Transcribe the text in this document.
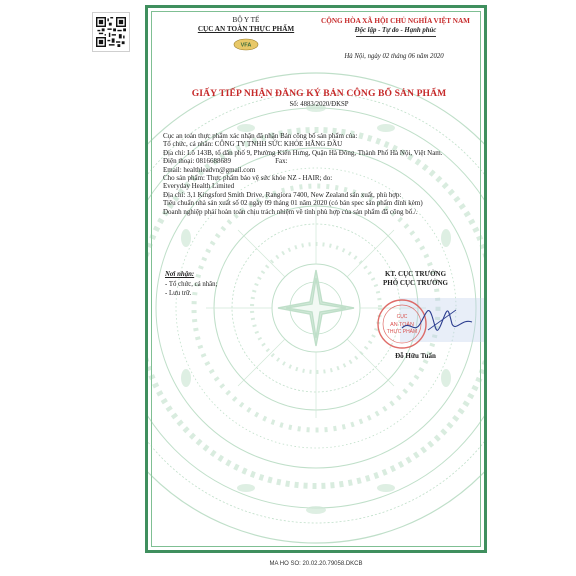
BỘ Y TẾ
CỤC AN TOÀN THỰC PHẨM
VFA
CỘNG HÒA XÃ HỘI CHỦ NGHĨA VIỆT NAM
Độc lập - Tự do - Hạnh phúc
Hà Nội, ngày 02 tháng 06 năm 2020
GIẤY TIẾP NHẬN ĐĂNG KÝ BẢN CÔNG BỐ SẢN PHẨM
Số: 4883/2020/ĐKSP

Cục an toàn thực phẩm xác nhận đã nhận Bản công bố sản phẩm của:

Tổ chức, cá nhân: CÔNG TY TNHH SỨC KHỎE HẰNG ĐẦU

Địa chỉ: Lô 143B, tổ dân phố 9, Phường Kiến Hưng, Quận Hà Đông, Thành Phố Hà Nội, Việt Nam.

Điện thoại: 0816688689	Fax:

Email: healthleadvn@gmail.com

Cho sản phẩm: Thực phẩm bảo vệ sức khỏe NZ - HAIR; do:

Everyday Health Limited

Địa chỉ: 3,1 Kingsford Smith Drive, Rangiora 7400, New Zealand sản xuất, phù hợp:

Tiêu chuẩn nhà sản xuất số 02 ngày 09 tháng 01 năm 2020 (có bản spec sản phẩm đính kèm)

Doanh nghiệp phải hoàn toàn chịu trách nhiệm về tính phù hợp của sản phẩm đã công bố./.

Nơi nhận:
- Tổ chức, cá nhân;
- Lưu trữ.
KT. CỤC TRƯỞNG
PHÓ CỤC TRƯỞNG
CỤC
AN TOÀN
THỰC PHẨM
Đỗ Hữu Tuấn
MA HO SO: 20.02.20.79058.DKCB
